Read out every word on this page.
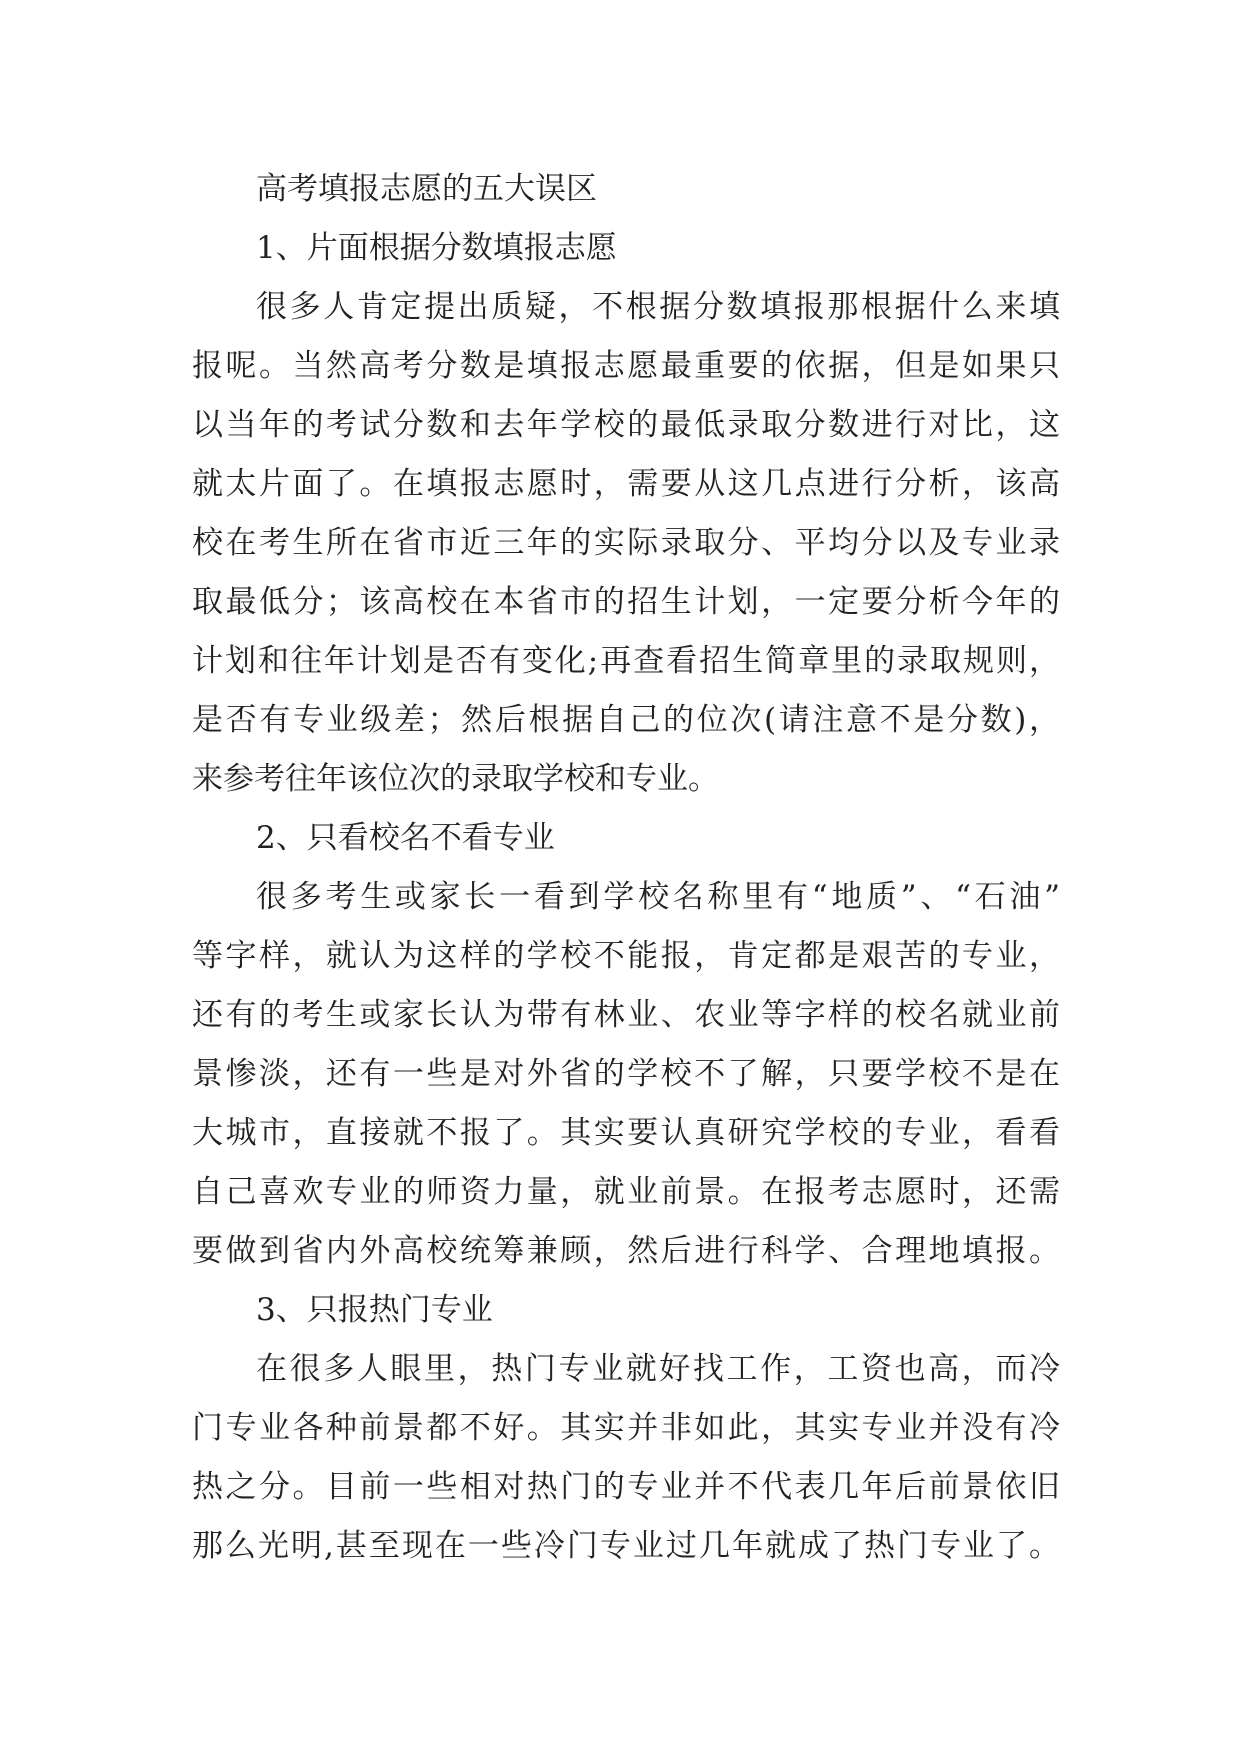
高考填报志愿的五大误区
1、片面根据分数填报志愿
很多人肯定提出质疑，不根据分数填报那根据什么来填
报呢。当然高考分数是填报志愿最重要的依据，但是如果只
以当年的考试分数和去年学校的最低录取分数进行对比，这
就太片面了。在填报志愿时，需要从这几点进行分析，该高
校在考生所在省市近三年的实际录取分、平均分以及专业录
取最低分；该高校在本省市的招生计划，一定要分析今年的
计划和往年计划是否有变化;再查看招生简章里的录取规则，
是否有专业级差；然后根据自己的位次(请注意不是分数)，
来参考往年该位次的录取学校和专业。
2、只看校名不看专业
很多考生或家长一看到学校名称里有“地质”、“石油”
等字样，就认为这样的学校不能报，肯定都是艰苦的专业，
还有的考生或家长认为带有林业、农业等字样的校名就业前
景惨淡，还有一些是对外省的学校不了解，只要学校不是在
大城市，直接就不报了。其实要认真研究学校的专业，看看
自己喜欢专业的师资力量，就业前景。在报考志愿时，还需
要做到省内外高校统筹兼顾，然后进行科学、合理地填报。
3、只报热门专业
在很多人眼里，热门专业就好找工作，工资也高，而冷
门专业各种前景都不好。其实并非如此，其实专业并没有冷
热之分。目前一些相对热门的专业并不代表几年后前景依旧
那么光明,甚至现在一些冷门专业过几年就成了热门专业了。
